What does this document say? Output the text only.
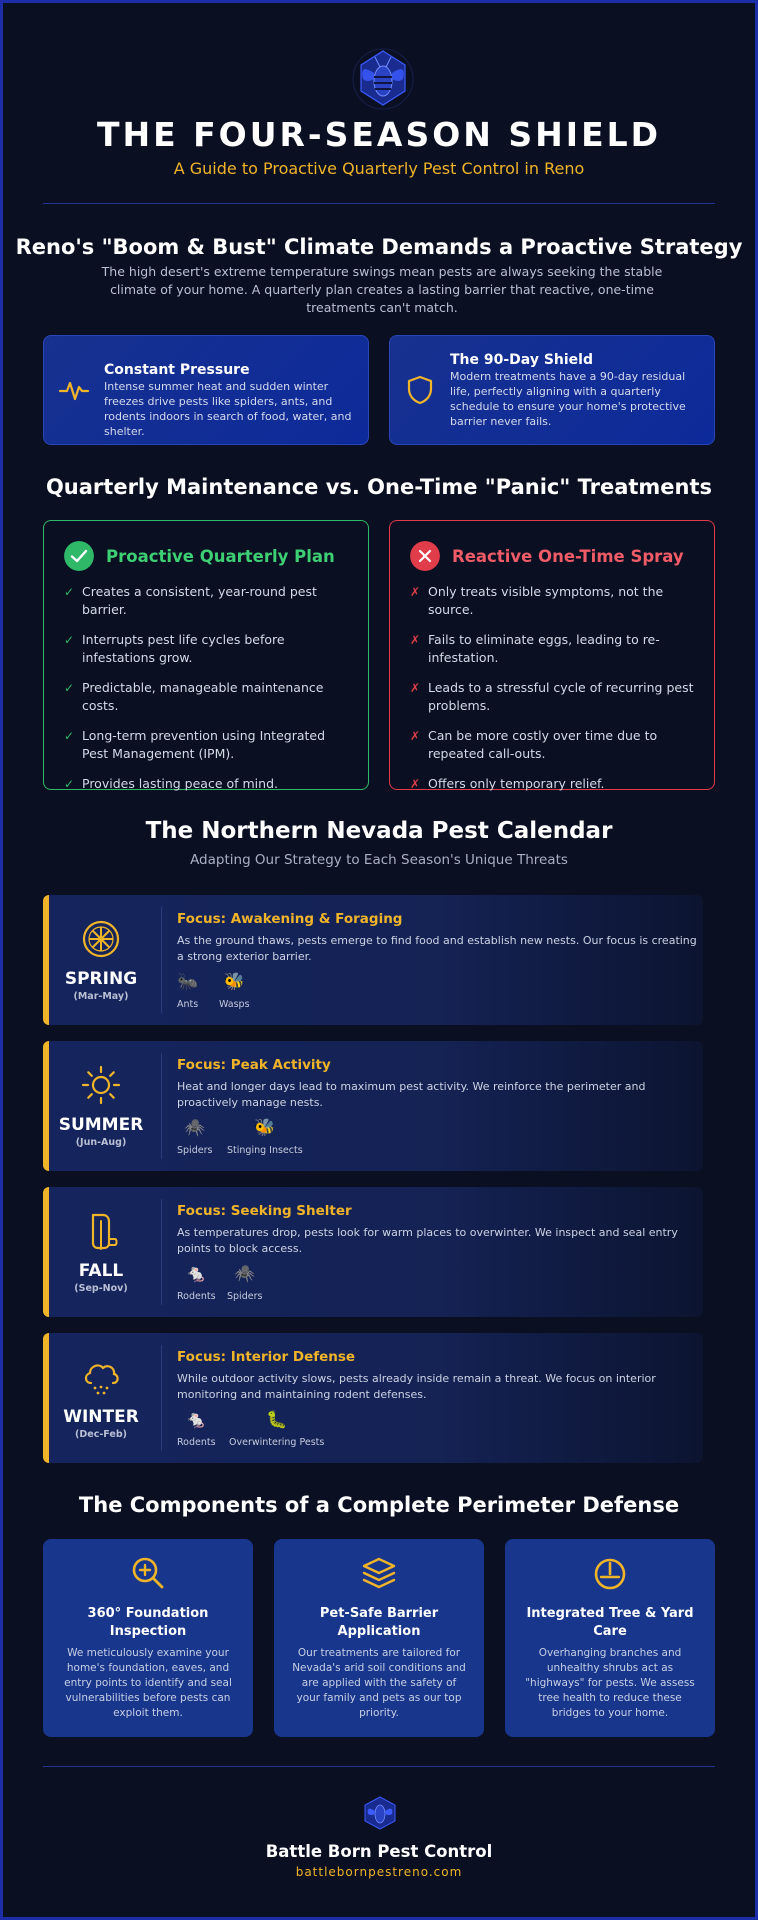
THE FOUR-SEASON SHIELD
A Guide to Proactive Quarterly Pest Control in Reno
Reno's "Boom & Bust" Climate Demands a Proactive Strategy
The high desert's extreme temperature swings mean pests are always seeking the stable climate of your home. A quarterly plan creates a lasting barrier that reactive, one-time treatments can't match.
Constant Pressure
Intense summer heat and sudden winter freezes drive pests like spiders, ants, and rodents indoors in search of food, water, and shelter.
The 90-Day Shield
Modern treatments have a 90-day residual life, perfectly aligning with a quarterly schedule to ensure your home's protective barrier never fails.
Quarterly Maintenance vs. One-Time "Panic" Treatments
Proactive Quarterly Plan
✓ Creates a consistent, year-round pest barrier.
✓ Interrupts pest life cycles before infestations grow.
✓ Predictable, manageable maintenance costs.
✓ Long-term prevention using Integrated Pest Management (IPM).
✓ Provides lasting peace of mind.
Reactive One-Time Spray
✗ Only treats visible symptoms, not the source.
✗ Fails to eliminate eggs, leading to re-infestation.
✗ Leads to a stressful cycle of recurring pest problems.
✗ Can be more costly over time due to repeated call-outs.
✗ Offers only temporary relief.
The Northern Nevada Pest Calendar
Adapting Our Strategy to Each Season's Unique Threats
SPRING
(Mar-May)
Focus: Awakening & Foraging
As the ground thaws, pests emerge to find food and establish new nests. Our focus is creating a strong exterior barrier.
🐜
Ants
🐝
Wasps
SUMMER
(Jun-Aug)
Focus: Peak Activity
Heat and longer days lead to maximum pest activity. We reinforce the perimeter and proactively manage nests.
🕷️
Spiders
🐝
Stinging Insects
FALL
(Sep-Nov)
Focus: Seeking Shelter
As temperatures drop, pests look for warm places to overwinter. We inspect and seal entry points to block access.
🐁
Rodents
🕷️
Spiders
WINTER
(Dec-Feb)
Focus: Interior Defense
While outdoor activity slows, pests already inside remain a threat. We focus on interior monitoring and maintaining rodent defenses.
🐁
Rodents
🐛
Overwintering Pests
The Components of a Complete Perimeter Defense
360° Foundation Inspection
We meticulously examine your home's foundation, eaves, and entry points to identify and seal vulnerabilities before pests can exploit them.
Pet-Safe Barrier Application
Our treatments are tailored for Nevada's arid soil conditions and are applied with the safety of your family and pets as our top priority.
Integrated Tree & Yard Care
Overhanging branches and unhealthy shrubs act as "highways" for pests. We assess tree health to reduce these bridges to your home.
Battle Born Pest Control
battlebornpestreno.com
